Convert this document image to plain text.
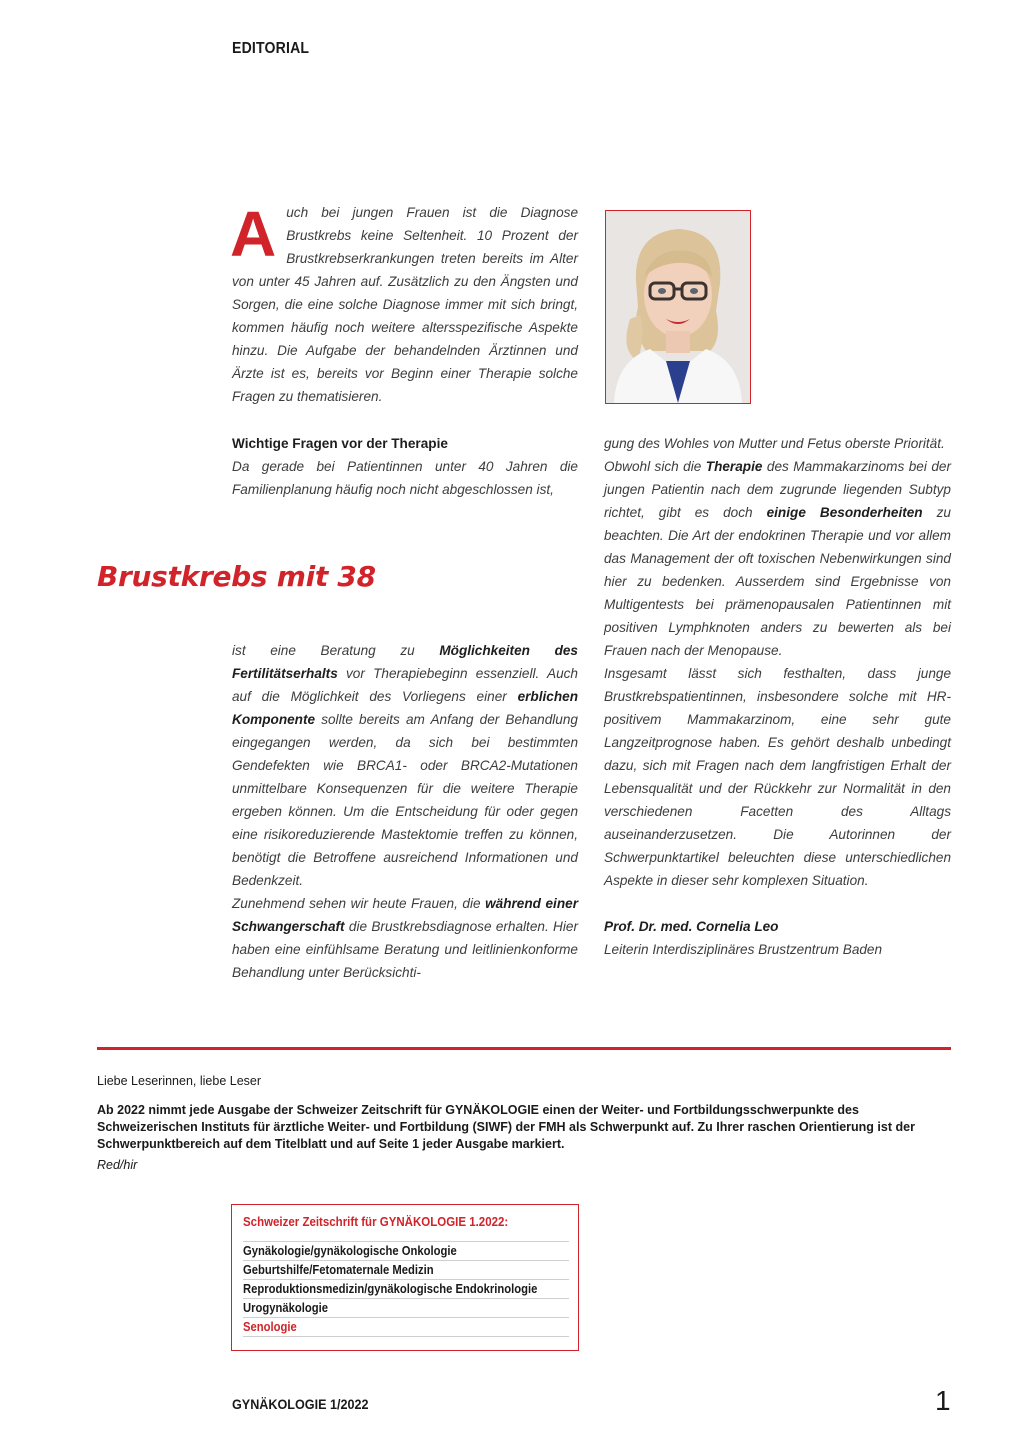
EDITORIAL
A uch bei jungen Frauen ist die Diagnose Brustkrebs keine Seltenheit. 10 Prozent der Brustkrebserkrankungen treten bereits im Alter von unter 45 Jahren auf. Zusätzlich zu den Ängsten und Sorgen, die eine solche Diagnose immer mit sich bringt, kommen häufig noch weitere altersspezifische Aspekte hinzu. Die Aufgabe der behandelnden Ärztinnen und Ärzte ist es, bereits vor Beginn einer Therapie solche Fragen zu thematisieren.

Wichtige Fragen vor der Therapie

Da gerade bei Patientinnen unter 40 Jahren die Familienplanung häufig noch nicht abgeschlossen ist,

Brustkrebs mit 38

ist eine Beratung zu Möglichkeiten des Fertilitätserhalts vor Therapiebeginn essenziell. Auch auf die Möglichkeit des Vorliegens einer erblichen Komponente sollte bereits am Anfang der Behandlung eingegangen werden, da sich bei bestimmten Gendefekten wie BRCA1- oder BRCA2-Mutationen unmittelbare Konsequenzen für die weitere Therapie ergeben können. Um die Entscheidung für oder gegen eine risikoreduzierende Mastektomie treffen zu können, benötigt die Betroffene ausreichend Informationen und Bedenkzeit.

Zunehmend sehen wir heute Frauen, die während einer Schwangerschaft die Brustkrebsdiagnose erhalten. Hier haben eine einfühlsame Beratung und leitlinienkonforme Behandlung unter Berücksichti-

gung des Wohles von Mutter und Fetus oberste Priorität.

Obwohl sich die Therapie des Mammakarzinoms bei der jungen Patientin nach dem zugrunde liegenden Subtyp richtet, gibt es doch einige Besonderheiten zu beachten. Die Art der endokrinen Therapie und vor allem das Management der oft toxischen Nebenwirkungen sind hier zu bedenken. Ausserdem sind Ergebnisse von Multigentests bei prämenopausalen Patientinnen mit positiven Lymphknoten anders zu bewerten als bei Frauen nach der Menopause.

Insgesamt lässt sich festhalten, dass junge Brustkrebspatientinnen, insbesondere solche mit HR-positivem Mammakarzinom, eine sehr gute Langzeitprognose haben. Es gehört deshalb unbedingt dazu, sich mit Fragen nach dem langfristigen Erhalt der Lebensqualität und der Rückkehr zur Normalität in den verschiedenen Facetten des Alltags auseinanderzusetzen. Die Autorinnen der Schwerpunktartikel beleuchten diese unterschiedlichen Aspekte in dieser sehr komplexen Situation.

Prof. Dr. med. Cornelia Leo

Leiterin Interdisziplinäres Brustzentrum Baden

Liebe Leserinnen, liebe Leser
Ab 2022 nimmt jede Ausgabe der Schweizer Zeitschrift für GYNÄKOLOGIE einen der Weiter- und Fortbildungsschwerpunkte des Schweizerischen Instituts für ärztliche Weiter- und Fortbildung (SIWF) der FMH als Schwerpunkt auf. Zu Ihrer raschen Orientierung ist der Schwerpunktbereich auf dem Titelblatt und auf Seite 1 jeder Ausgabe markiert.
Red/hir
Schweizer Zeitschrift für GYNÄKOLOGIE 1.2022:
Gynäkologie/gynäkologische Onkologie
Geburtshilfe/Fetomaternale Medizin
Reproduktionsmedizin/gynäkologische Endokrinologie
Urogynäkologie
Senologie
GYNÄKOLOGIE 1/2022	1
